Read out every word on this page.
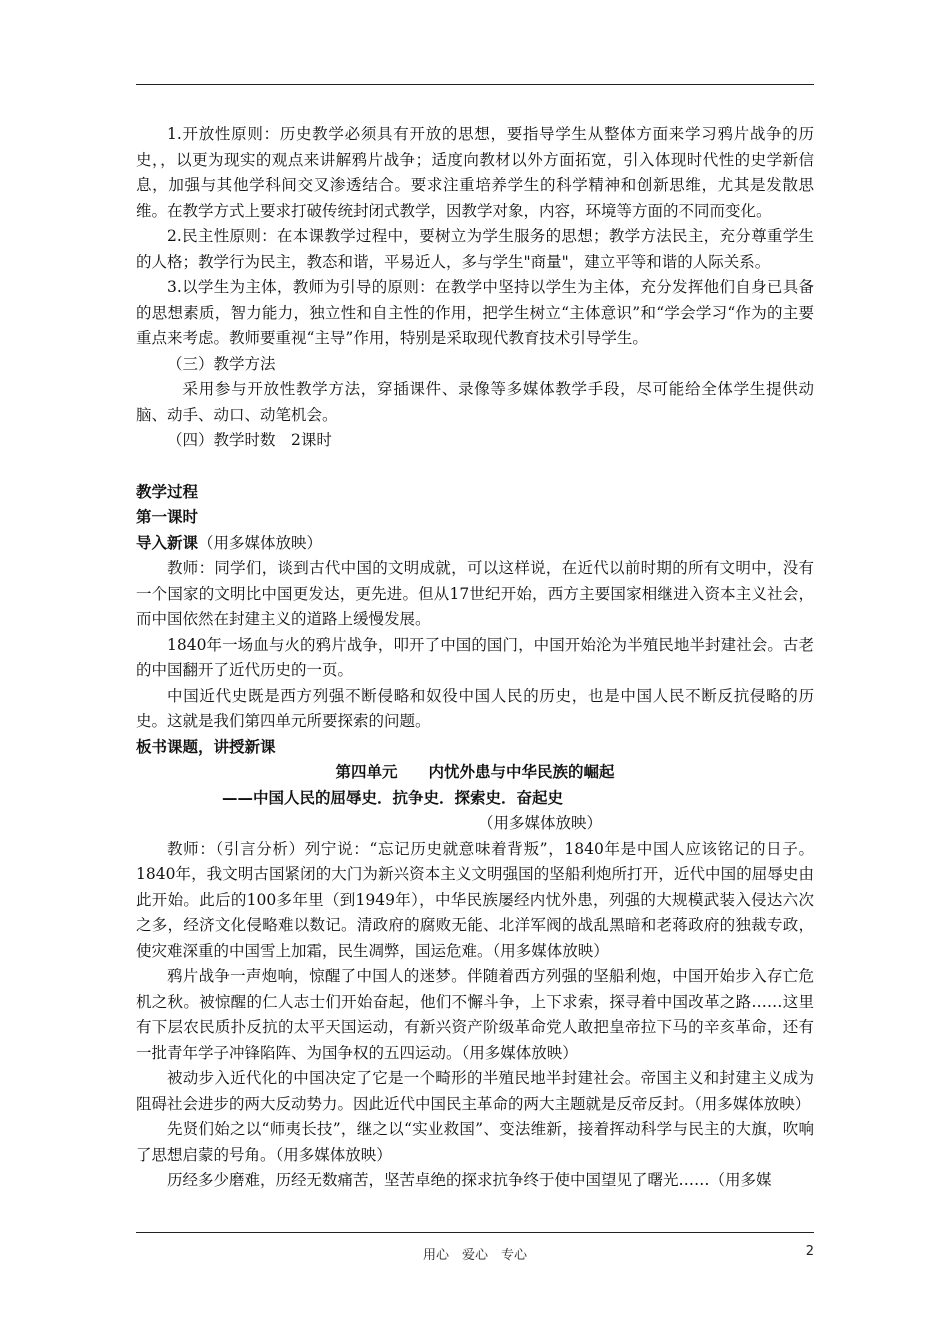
1.开放性原则：历史教学必须具有开放的思想，要指导学生从整体方面来学习鸦片战争的历史，，以更为现实的观点来讲解鸦片战争；适度向教材以外方面拓宽，引入体现时代性的史学新信息，加强与其他学科间交叉渗透结合。要求注重培养学生的科学精神和创新思维，尤其是发散思维。在教学方式上要求打破传统封闭式教学，因教学对象，内容，环境等方面的不同而变化。

2.民主性原则：在本课教学过程中，要树立为学生服务的思想；教学方法民主，充分尊重学生的人格；教学行为民主，教态和谐，平易近人，多与学生"商量"，建立平等和谐的人际关系。

3.以学生为主体，教师为引导的原则：在教学中坚持以学生为主体，充分发挥他们自身已具备的思想素质，智力能力，独立性和自主性的作用，把学生树立“主体意识”和“学会学习“作为的主要重点来考虑。教师要重视“主导”作用，特别是采取现代教育技术引导学生。

（三）教学方法

采用参与开放性教学方法，穿插课件、录像等多媒体教学手段，尽可能给全体学生提供动脑、动手、动口、动笔机会。

（四）教学时数　2课时

教学过程

第一课时

导入新课（用多媒体放映）

教师：同学们，谈到古代中国的文明成就，可以这样说，在近代以前时期的所有文明中，没有一个国家的文明比中国更发达，更先进。但从17世纪开始，西方主要国家相继进入资本主义社会，而中国依然在封建主义的道路上缓慢发展。

1840年一场血与火的鸦片战争，叩开了中国的国门，中国开始沦为半殖民地半封建社会。古老的中国翻开了近代历史的一页。

中国近代史既是西方列强不断侵略和奴役中国人民的历史，也是中国人民不断反抗侵略的历史。这就是我们第四单元所要探索的问题。

板书课题，讲授新课

第四单元　　内忧外患与中华民族的崛起

——中国人民的屈辱史．抗争史．探索史．奋起史

（用多媒体放映）

教师：（引言分析）列宁说：“忘记历史就意味着背叛”，1840年是中国人应该铭记的日子。1840年，我文明古国紧闭的大门为新兴资本主义文明强国的坚船利炮所打开，近代中国的屈辱史由此开始。此后的100多年里（到1949年），中华民族屡经内忧外患，列强的大规模武装入侵达六次之多，经济文化侵略难以数记。清政府的腐败无能、北洋军阀的战乱黑暗和老蒋政府的独裁专政，使灾难深重的中国雪上加霜，民生凋弊，国运危难。（用多媒体放映）

鸦片战争一声炮响，惊醒了中国人的迷梦。伴随着西方列强的坚船利炮，中国开始步入存亡危机之秋。被惊醒的仁人志士们开始奋起，他们不懈斗争，上下求索，探寻着中国改革之路……这里有下层农民质扑反抗的太平天国运动，有新兴资产阶级革命党人敢把皇帝拉下马的辛亥革命，还有一批青年学子冲锋陷阵、为国争权的五四运动。（用多媒体放映）

被动步入近代化的中国决定了它是一个畸形的半殖民地半封建社会。帝国主义和封建主义成为阻碍社会进步的两大反动势力。因此近代中国民主革命的两大主题就是反帝反封。（用多媒体放映）

先贤们始之以“师夷长技”，继之以“实业救国”、变法维新，接着挥动科学与民主的大旗，吹响了思想启蒙的号角。（用多媒体放映）

历经多少磨难，历经无数痛苦，坚苦卓绝的探求抗争终于使中国望见了曙光……（用多媒

用心　爱心　专心	2
